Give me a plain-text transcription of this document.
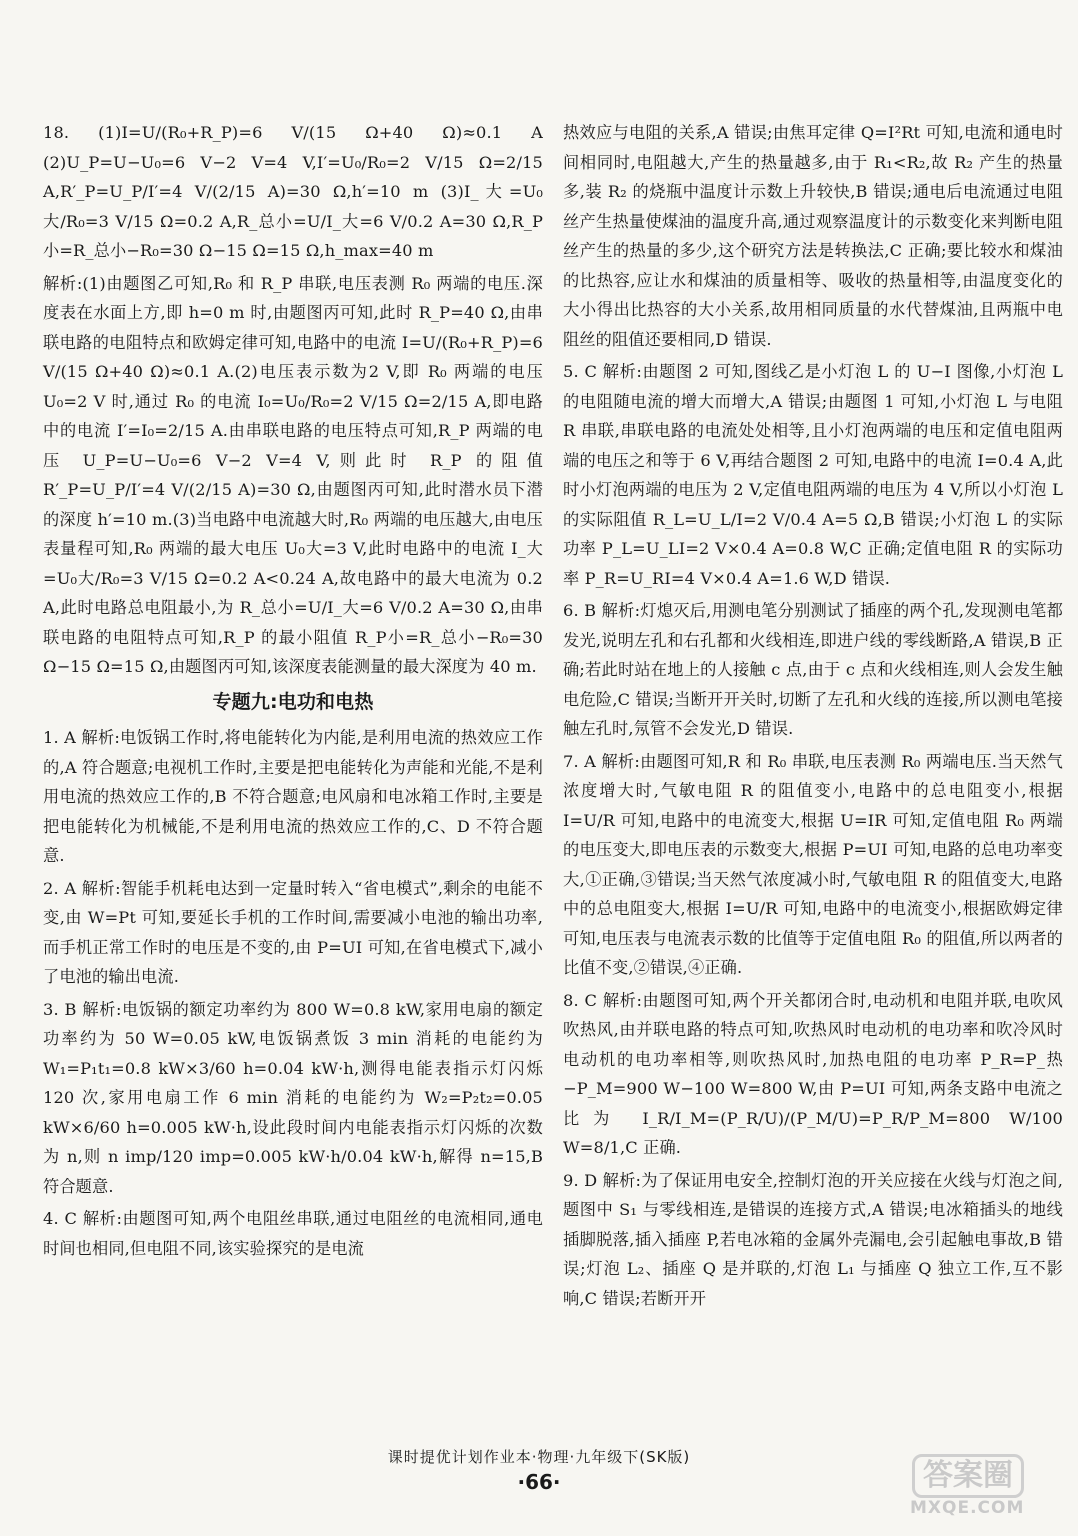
18. (1)I=U/(R₀+R_P)=6 V/(15 Ω+40 Ω)≈0.1 A (2)U_P=U−U₀=6 V−2 V=4 V,I′=U₀/R₀=2 V/15 Ω=2/15 A,R′_P=U_P/I′=4 V/(2/15 A)=30 Ω,h′=10 m (3)I_大=U₀大/R₀=3 V/15 Ω=0.2 A,R_总小=U/I_大=6 V/0.2 A=30 Ω,R_P小=R_总小−R₀=30 Ω−15 Ω=15 Ω,h_max=40 m

解析:(1)由题图乙可知,R₀ 和 R_P 串联,电压表测 R₀ 两端的电压.深度表在水面上方,即 h=0 m 时,由题图丙可知,此时 R_P=40 Ω,由串联电路的电阻特点和欧姆定律可知,电路中的电流 I=U/(R₀+R_P)=6 V/(15 Ω+40 Ω)≈0.1 A.(2)电压表示数为2 V,即 R₀ 两端的电压 U₀=2 V 时,通过 R₀ 的电流 I₀=U₀/R₀=2 V/15 Ω=2/15 A,即电路中的电流 I′=I₀=2/15 A.由串联电路的电压特点可知,R_P 两端的电压 U_P=U−U₀=6 V−2 V=4 V,则此时 R_P 的阻值 R′_P=U_P/I′=4 V/(2/15 A)=30 Ω,由题图丙可知,此时潜水员下潜的深度 h′=10 m.(3)当电路中电流越大时,R₀ 两端的电压越大,由电压表量程可知,R₀ 两端的最大电压 U₀大=3 V,此时电路中的电流 I_大=U₀大/R₀=3 V/15 Ω=0.2 A<0.24 A,故电路中的最大电流为 0.2 A,此时电路总电阻最小,为 R_总小=U/I_大=6 V/0.2 A=30 Ω,由串联电路的电阻特点可知,R_P 的最小阻值 R_P小=R_总小−R₀=30 Ω−15 Ω=15 Ω,由题图丙可知,该深度表能测量的最大深度为 40 m.

专题九:电功和电热

1. A 解析:电饭锅工作时,将电能转化为内能,是利用电流的热效应工作的,A 符合题意;电视机工作时,主要是把电能转化为声能和光能,不是利用电流的热效应工作的,B 不符合题意;电风扇和电冰箱工作时,主要是把电能转化为机械能,不是利用电流的热效应工作的,C、D 不符合题意.

2. A 解析:智能手机耗电达到一定量时转入“省电模式”,剩余的电能不变,由 W=Pt 可知,要延长手机的工作时间,需要减小电池的输出功率,而手机正常工作时的电压是不变的,由 P=UI 可知,在省电模式下,减小了电池的输出电流.

3. B 解析:电饭锅的额定功率约为 800 W=0.8 kW,家用电扇的额定功率约为 50 W=0.05 kW,电饭锅煮饭 3 min 消耗的电能约为 W₁=P₁t₁=0.8 kW×3/60 h=0.04 kW·h,测得电能表指示灯闪烁 120 次,家用电扇工作 6 min 消耗的电能约为 W₂=P₂t₂=0.05 kW×6/60 h=0.005 kW·h,设此段时间内电能表指示灯闪烁的次数为 n,则 n imp/120 imp=0.005 kW·h/0.04 kW·h,解得 n=15,B 符合题意.

4. C 解析:由题图可知,两个电阻丝串联,通过电阻丝的电流相同,通电时间也相同,但电阻不同,该实验探究的是电流

热效应与电阻的关系,A 错误;由焦耳定律 Q=I²Rt 可知,电流和通电时间相同时,电阻越大,产生的热量越多,由于 R₁<R₂,故 R₂ 产生的热量多,装 R₂ 的烧瓶中温度计示数上升较快,B 错误;通电后电流通过电阻丝产生热量使煤油的温度升高,通过观察温度计的示数变化来判断电阻丝产生的热量的多少,这个研究方法是转换法,C 正确;要比较水和煤油的比热容,应让水和煤油的质量相等、吸收的热量相等,由温度变化的大小得出比热容的大小关系,故用相同质量的水代替煤油,且两瓶中电阻丝的阻值还要相同,D 错误.

5. C 解析:由题图 2 可知,图线乙是小灯泡 L 的 U−I 图像,小灯泡 L 的电阻随电流的增大而增大,A 错误;由题图 1 可知,小灯泡 L 与电阻 R 串联,串联电路的电流处处相等,且小灯泡两端的电压和定值电阻两端的电压之和等于 6 V,再结合题图 2 可知,电路中的电流 I=0.4 A,此时小灯泡两端的电压为 2 V,定值电阻两端的电压为 4 V,所以小灯泡 L 的实际阻值 R_L=U_L/I=2 V/0.4 A=5 Ω,B 错误;小灯泡 L 的实际功率 P_L=U_LI=2 V×0.4 A=0.8 W,C 正确;定值电阻 R 的实际功率 P_R=U_RI=4 V×0.4 A=1.6 W,D 错误.

6. B 解析:灯熄灭后,用测电笔分别测试了插座的两个孔,发现测电笔都发光,说明左孔和右孔都和火线相连,即进户线的零线断路,A 错误,B 正确;若此时站在地上的人接触 c 点,由于 c 点和火线相连,则人会发生触电危险,C 错误;当断开开关时,切断了左孔和火线的连接,所以测电笔接触左孔时,氖管不会发光,D 错误.

7. A 解析:由题图可知,R 和 R₀ 串联,电压表测 R₀ 两端电压.当天然气浓度增大时,气敏电阻 R 的阻值变小,电路中的总电阻变小,根据 I=U/R 可知,电路中的电流变大,根据 U=IR 可知,定值电阻 R₀ 两端的电压变大,即电压表的示数变大,根据 P=UI 可知,电路的总电功率变大,①正确,③错误;当天然气浓度减小时,气敏电阻 R 的阻值变大,电路中的总电阻变大,根据 I=U/R 可知,电路中的电流变小,根据欧姆定律可知,电压表与电流表示数的比值等于定值电阻 R₀ 的阻值,所以两者的比值不变,②错误,④正确.

8. C 解析:由题图可知,两个开关都闭合时,电动机和电阻并联,电吹风吹热风,由并联电路的特点可知,吹热风时电动机的电功率和吹冷风时电动机的电功率相等,则吹热风时,加热电阻的电功率 P_R=P_热−P_M=900 W−100 W=800 W,由 P=UI 可知,两条支路中电流之比为 I_R/I_M=(P_R/U)/(P_M/U)=P_R/P_M=800 W/100 W=8/1,C 正确.

9. D 解析:为了保证用电安全,控制灯泡的开关应接在火线与灯泡之间,题图中 S₁ 与零线相连,是错误的连接方式,A 错误;电冰箱插头的地线插脚脱落,插入插座 P,若电冰箱的金属外壳漏电,会引起触电事故,B 错误;灯泡 L₂、插座 Q 是并联的,灯泡 L₁ 与插座 Q 独立工作,互不影响,C 错误;若断开开

课时提优计划作业本·物理·九年级下(SK版)
·66·	答案圈
MXQE.COM
